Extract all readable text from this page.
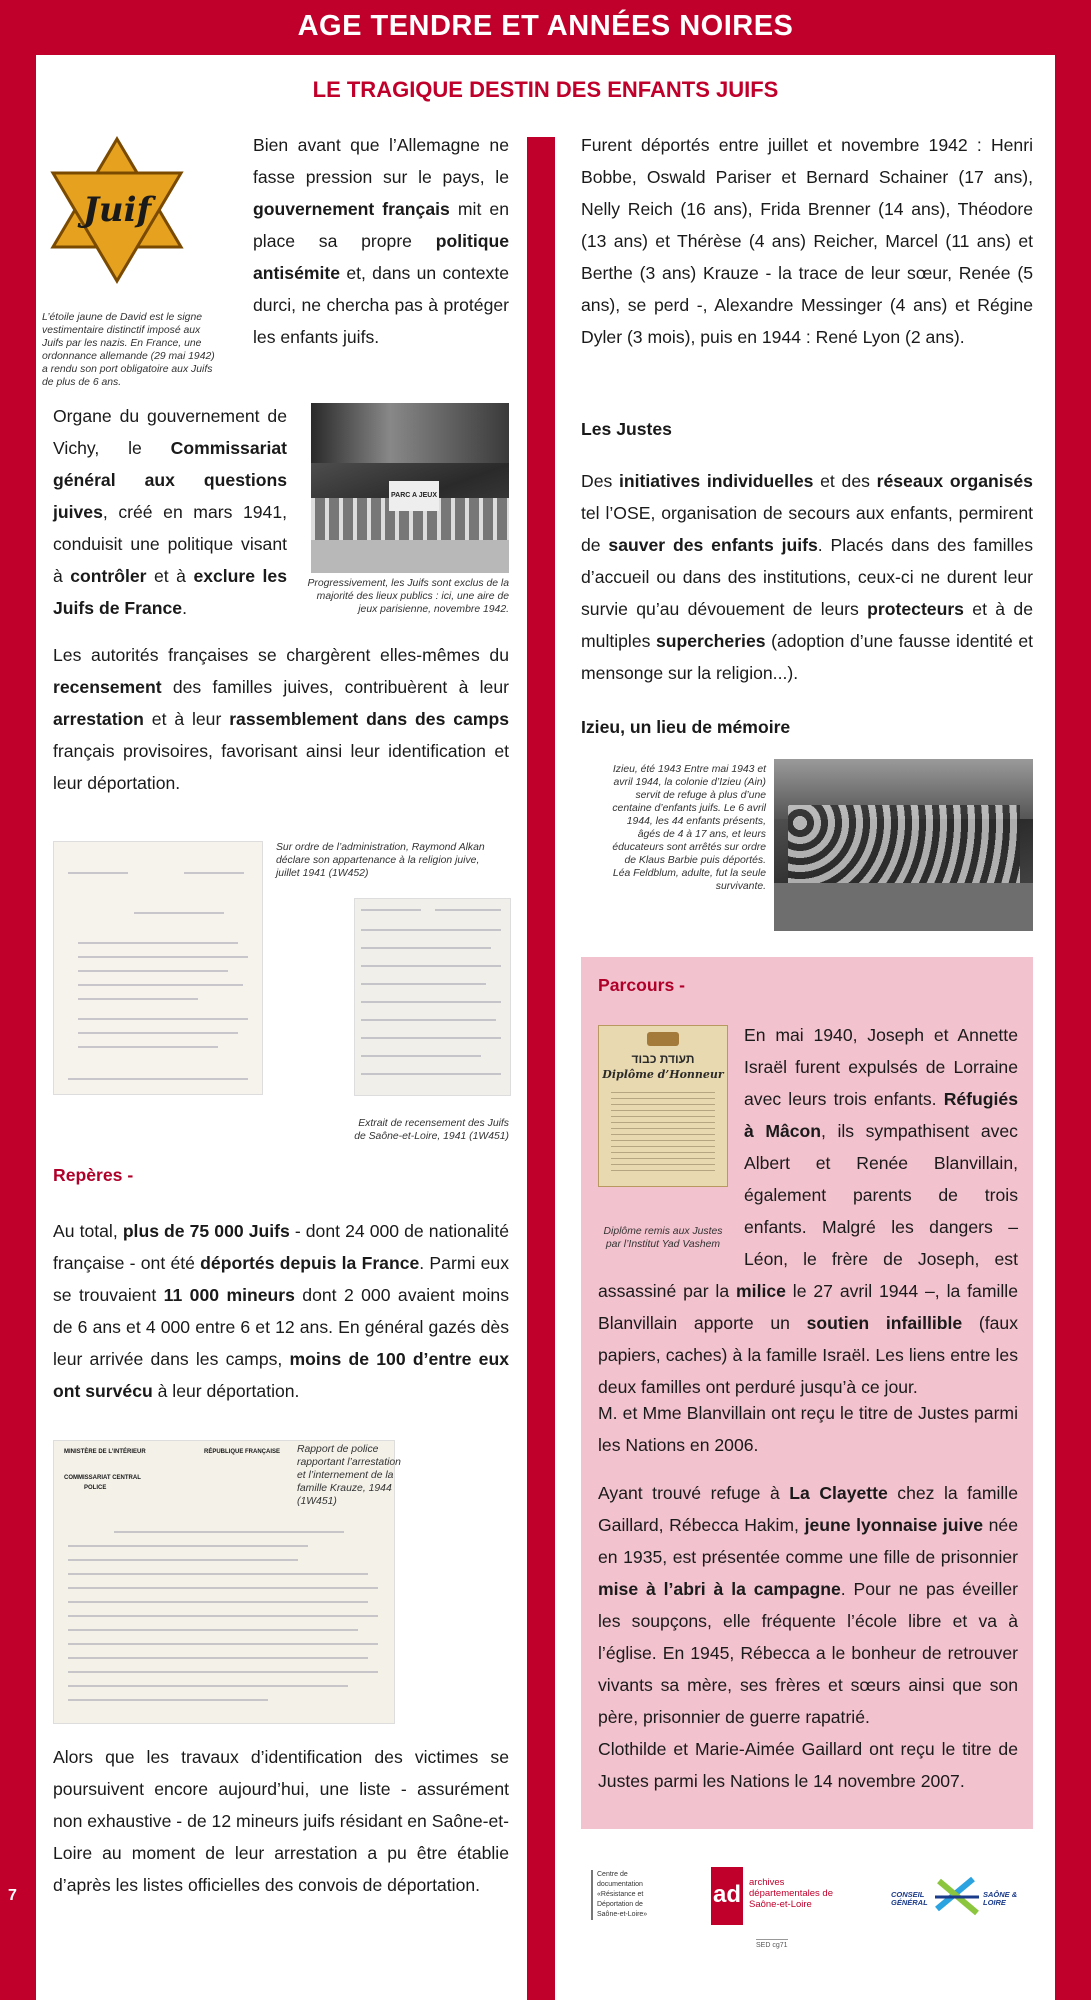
AGE TENDRE ET ANNÉES NOIRES
7
LE TRAGIQUE DESTIN DES ENFANTS JUIFS
Juif

L’étoile jaune de David est le signe vestimentaire distinctif imposé aux Juifs par les nazis. En France, une ordonnance allemande (29 mai 1942) a rendu son port obligatoire aux Juifs de plus de 6 ans.

Bien avant que l’Allemagne ne fasse pression sur le pays, le gouvernement français mit en place sa propre politique antisémite et, dans un contexte durci, ne chercha pas à protéger les enfants juifs.

Organe du gouvernement de Vichy, le Commissariat général aux questions juives, créé en mars 1941, conduisit une politique visant à contrôler et à exclure les Juifs de France.

PARC A JEUX

Progressivement, les Juifs sont exclus de la majorité des lieux publics : ici, une aire de jeux parisienne, novembre 1942.

Les autorités françaises se chargèrent elles-mêmes du recensement des familles juives, contribuèrent à leur arrestation et à leur rassemblement dans des camps français provisoires, favorisant ainsi leur identification et leur déportation.

Sur ordre de l’administration, Raymond Alkan déclare son appartenance à la religion juive, juillet 1941 (1W452)

Extrait de recensement des Juifs de Saône-et-Loire, 1941 (1W451)

Repères -

Au total, plus de 75 000 Juifs - dont 24 000 de nationalité française - ont été déportés depuis la France. Parmi eux se trouvaient 11 000 mineurs dont 2 000 avaient moins de 6 ans et 4 000 entre 6 et 12 ans. En général gazés dès leur arrivée dans les camps, moins de 100 d’entre eux ont survécu à leur déportation.

MINISTÈRE DE L’INTÉRIEUR	RÉPUBLIQUE FRANÇAISE
COMMISSARIAT CENTRAL
POLICE

Rapport de police rapportant l’arrestation et l’internement de la famille Krauze, 1944 (1W451)

Alors que les travaux d’identification des victimes se poursuivent encore aujourd’hui, une liste - assurément non exhaustive - de 12 mineurs juifs résidant en Saône-et-Loire au moment de leur arrestation a pu être établie d’après les listes officielles des convois de déportation.

Furent déportés entre juillet et novembre 1942 : Henri Bobbe, Oswald Pariser et Bernard Schainer (17 ans), Nelly Reich (16 ans), Frida Brenner (14 ans), Théodore (13 ans) et Thérèse (4 ans) Reicher, Marcel (11 ans) et Berthe (3 ans) Krauze - la trace de leur sœur, Renée (5 ans), se perd -, Alexandre Messinger (4 ans) et Régine Dyler (3 mois), puis en 1944 : René Lyon (2 ans).

Les Justes

Des initiatives individuelles et des réseaux organisés tel l’OSE, organisation de secours aux enfants, permirent de sauver des enfants juifs. Placés dans des familles d’accueil ou dans des institutions, ceux-ci ne durent leur survie qu’au dévouement de leurs protecteurs et à de multiples supercheries (adoption d’une fausse identité et mensonge sur la religion...).

Izieu, un lieu de mémoire

Izieu, été 1943 Entre mai 1943 et avril 1944, la colonie d’Izieu (Ain) servit de refuge à plus d’une centaine d’enfants juifs. Le 6 avril 1944, les 44 enfants présents, âgés de 4 à 17 ans, et leurs éducateurs sont arrêtés sur ordre de Klaus Barbie puis déportés. Léa Feldblum, adulte, fut la seule survivante.

Parcours -
תעודת כבוד
Diplôme d’Honneur

Diplôme remis aux Justes par l’Institut Yad Vashem

En mai 1940, Joseph et Annette Israël furent expulsés de Lorraine avec leurs trois enfants. Réfugiés à Mâcon, ils sympathisent avec Albert et Renée Blanvillain, également parents de trois enfants. Malgré les dangers – Léon, le frère de Joseph, est assassiné par la milice le 27 avril 1944 –, la famille Blanvillain apporte un soutien infaillible (faux papiers, caches) à la famille Israël. Les liens entre les deux familles ont perduré jusqu’à ce jour.

M. et Mme Blanvillain ont reçu le titre de Justes parmi les Nations en 2006.

Ayant trouvé refuge à La Clayette chez la famille Gaillard, Rébecca Hakim, jeune lyonnaise juive née en 1935, est présentée comme une fille de prisonnier mise à l’abri à la campagne. Pour ne pas éveiller les soupçons, elle fréquente l’école libre et va à l’église. En 1945, Rébecca a le bonheur de retrouver vivants sa mère, ses frères et sœurs ainsi que son père, prisonnier de guerre rapatrié.

Clothilde et Marie-Aimée Gaillard ont reçu le titre de Justes parmi les Nations le 14 novembre 2007.

Centre de documentation «Résistance et Déportation de Saône-et-Loire»
ad archives départementales de Saône-et-Loire
SED cg71
CONSEIL GÉNÉRAL
SAÔNE & LOIRE
